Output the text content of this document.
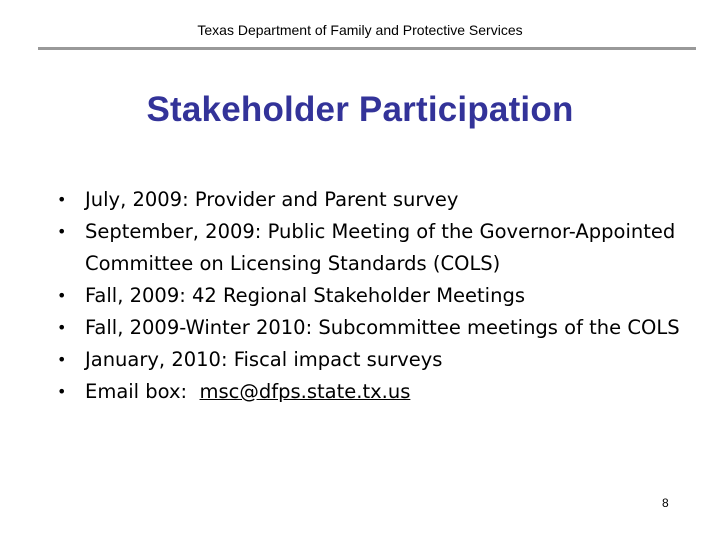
Texas Department of Family and Protective Services
Stakeholder Participation
• July, 2009: Provider and Parent survey
• September, 2009: Public Meeting of the Governor-Appointed Committee on Licensing Standards (COLS)
• Fall, 2009: 42 Regional Stakeholder Meetings
• Fall, 2009-Winter 2010: Subcommittee meetings of the COLS
• January, 2010: Fiscal impact surveys
• Email box:  msc@dfps.state.tx.us
8
